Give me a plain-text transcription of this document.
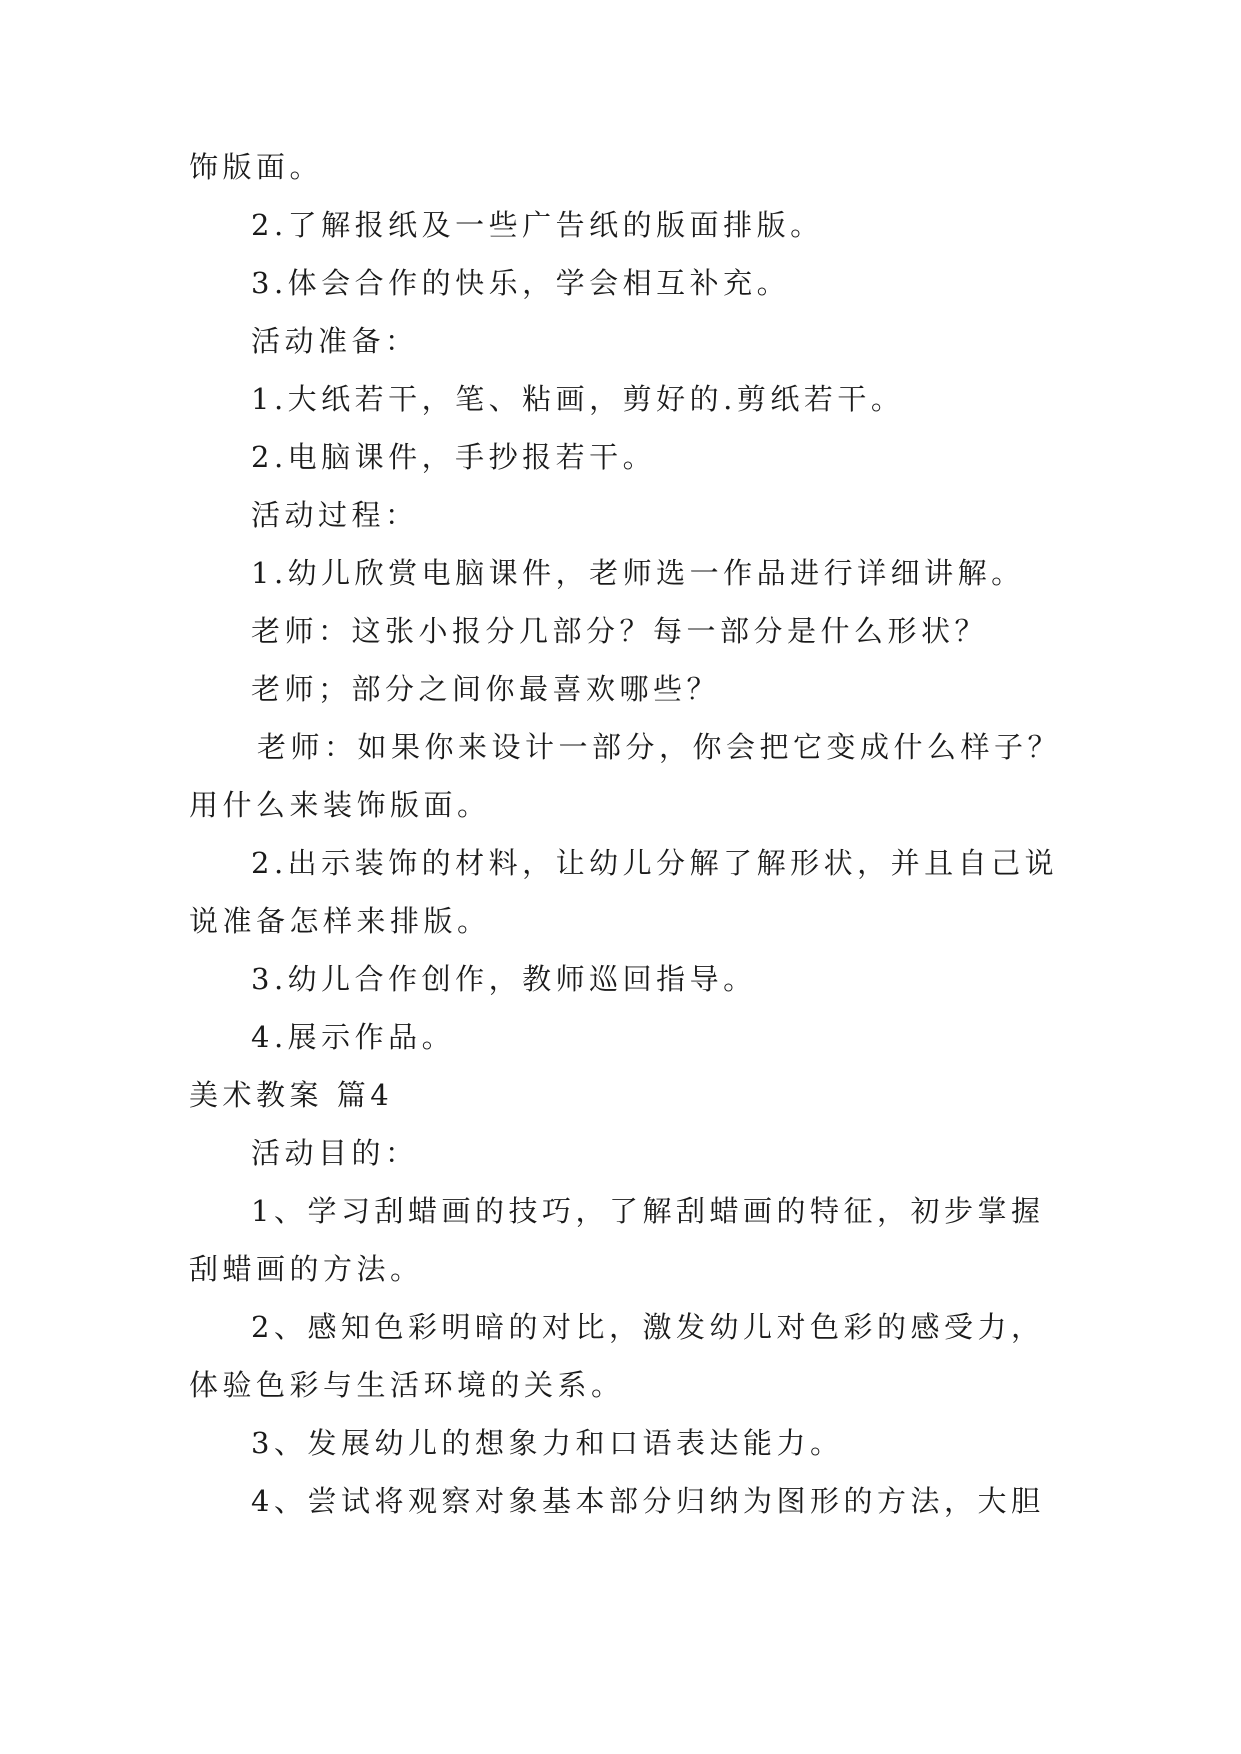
饰版面。
2.了解报纸及一些广告纸的版面排版。
3.体会合作的快乐，学会相互补充。
活动准备：
1.大纸若干，笔、粘画，剪好的.剪纸若干。
2.电脑课件，手抄报若干。
活动过程：
1.幼儿欣赏电脑课件，老师选一作品进行详细讲解。
老师：这张小报分几部分？每一部分是什么形状？
老师；部分之间你最喜欢哪些？
老师：如果你来设计一部分，你会把它变成什么样子？
用什么来装饰版面。
2.出示装饰的材料，让幼儿分解了解形状，并且自己说
说准备怎样来排版。
3.幼儿合作创作，教师巡回指导。
4.展示作品。
美术教案 篇4
活动目的：
1、学习刮蜡画的技巧，了解刮蜡画的特征，初步掌握
刮蜡画的方法。
2、感知色彩明暗的对比，激发幼儿对色彩的感受力，
体验色彩与生活环境的关系。
3、发展幼儿的想象力和口语表达能力。
4、尝试将观察对象基本部分归纳为图形的方法，大胆
